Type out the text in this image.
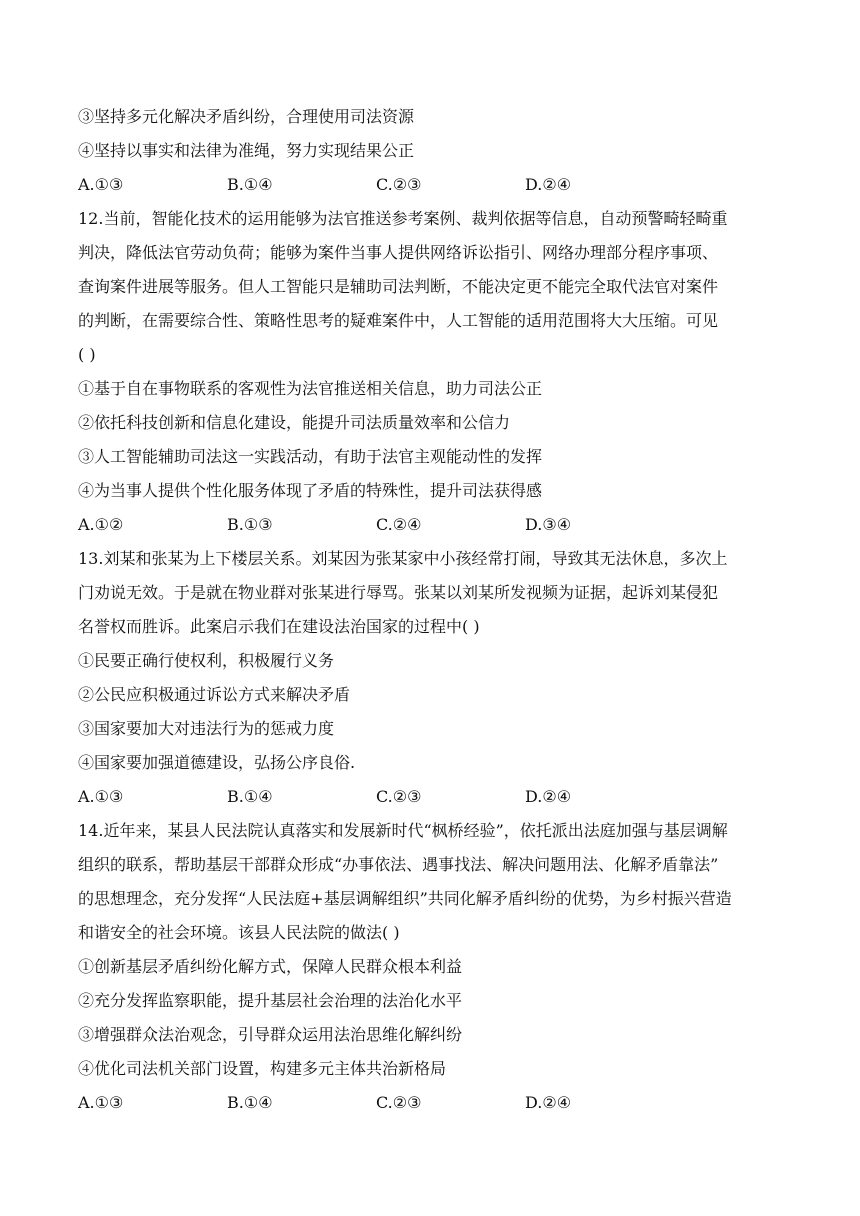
③坚持多元化解决矛盾纠纷，合理使用司法资源
④坚持以事实和法律为准绳，努力实现结果公正
A.①③	B.①④	C.②③	D.②④
12.当前，智能化技术的运用能够为法官推送参考案例、裁判依据等信息，自动预警畸轻畸重
判决，降低法官劳动负荷；能够为案件当事人提供网络诉讼指引、网络办理部分程序事项、
查询案件进展等服务。但人工智能只是辅助司法判断，不能决定更不能完全取代法官对案件
的判断，在需要综合性、策略性思考的疑难案件中，人工智能的适用范围将大大压缩。可见
( )
①基于自在事物联系的客观性为法官推送相关信息，助力司法公正
②依托科技创新和信息化建设，能提升司法质量效率和公信力
③人工智能辅助司法这一实践活动，有助于法官主观能动性的发挥
④为当事人提供个性化服务体现了矛盾的特殊性，提升司法获得感
A.①②	B.①③	C.②④	D.③④
13.刘某和张某为上下楼层关系。刘某因为张某家中小孩经常打闹，导致其无法休息，多次上
门劝说无效。于是就在物业群对张某进行辱骂。张某以刘某所发视频为证据，起诉刘某侵犯
名誉权而胜诉。此案启示我们在建设法治国家的过程中( )
①民要正确行使权利，积极履行义务
②公民应积极通过诉讼方式来解决矛盾
③国家要加大对违法行为的惩戒力度
④国家要加强道德建设，弘扬公序良俗.
A.①③	B.①④	C.②③	D.②④
14.近年来，某县人民法院认真落实和发展新时代“枫桥经验”，依托派出法庭加强与基层调解
组织的联系，帮助基层干部群众形成“办事依法、遇事找法、解决问题用法、化解矛盾靠法”
的思想理念，充分发挥“人民法庭+基层调解组织”共同化解矛盾纠纷的优势，为乡村振兴营造
和谐安全的社会环境。该县人民法院的做法( )
①创新基层矛盾纠纷化解方式，保障人民群众根本利益
②充分发挥监察职能，提升基层社会治理的法治化水平
③增强群众法治观念，引导群众运用法治思维化解纠纷
④优化司法机关部门设置，构建多元主体共治新格局
A.①③	B.①④	C.②③	D.②④
